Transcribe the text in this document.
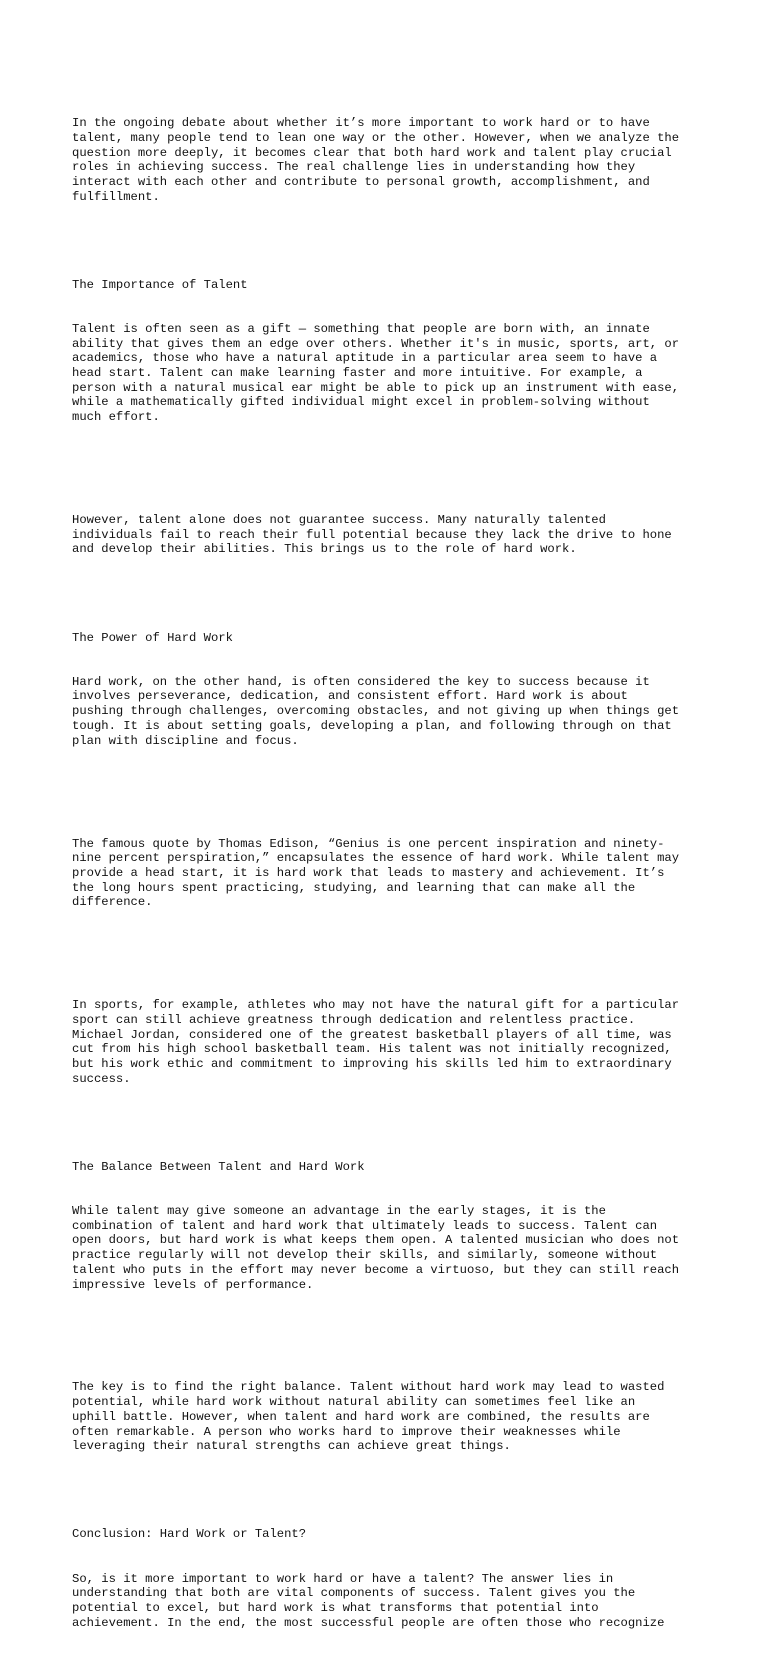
In the ongoing debate about whether it’s more important to work hard or to have
talent, many people tend to lean one way or the other. However, when we analyze the
question more deeply, it becomes clear that both hard work and talent play crucial
roles in achieving success. The real challenge lies in understanding how they
interact with each other and contribute to personal growth, accomplishment, and
fulfillment.

The Importance of Talent

Talent is often seen as a gift — something that people are born with, an innate
ability that gives them an edge over others. Whether it's in music, sports, art, or
academics, those who have a natural aptitude in a particular area seem to have a
head start. Talent can make learning faster and more intuitive. For example, a
person with a natural musical ear might be able to pick up an instrument with ease,
while a mathematically gifted individual might excel in problem-solving without
much effort.

However, talent alone does not guarantee success. Many naturally talented
individuals fail to reach their full potential because they lack the drive to hone
and develop their abilities. This brings us to the role of hard work.

The Power of Hard Work

Hard work, on the other hand, is often considered the key to success because it
involves perseverance, dedication, and consistent effort. Hard work is about
pushing through challenges, overcoming obstacles, and not giving up when things get
tough. It is about setting goals, developing a plan, and following through on that
plan with discipline and focus.

The famous quote by Thomas Edison, “Genius is one percent inspiration and ninety-
nine percent perspiration,” encapsulates the essence of hard work. While talent may
provide a head start, it is hard work that leads to mastery and achievement. It’s
the long hours spent practicing, studying, and learning that can make all the
difference.

In sports, for example, athletes who may not have the natural gift for a particular
sport can still achieve greatness through dedication and relentless practice.
Michael Jordan, considered one of the greatest basketball players of all time, was
cut from his high school basketball team. His talent was not initially recognized,
but his work ethic and commitment to improving his skills led him to extraordinary
success.

The Balance Between Talent and Hard Work

While talent may give someone an advantage in the early stages, it is the
combination of talent and hard work that ultimately leads to success. Talent can
open doors, but hard work is what keeps them open. A talented musician who does not
practice regularly will not develop their skills, and similarly, someone without
talent who puts in the effort may never become a virtuoso, but they can still reach
impressive levels of performance.

The key is to find the right balance. Talent without hard work may lead to wasted
potential, while hard work without natural ability can sometimes feel like an
uphill battle. However, when talent and hard work are combined, the results are
often remarkable. A person who works hard to improve their weaknesses while
leveraging their natural strengths can achieve great things.

Conclusion: Hard Work or Talent?

So, is it more important to work hard or have a talent? The answer lies in
understanding that both are vital components of success. Talent gives you the
potential to excel, but hard work is what transforms that potential into
achievement. In the end, the most successful people are often those who recognize
